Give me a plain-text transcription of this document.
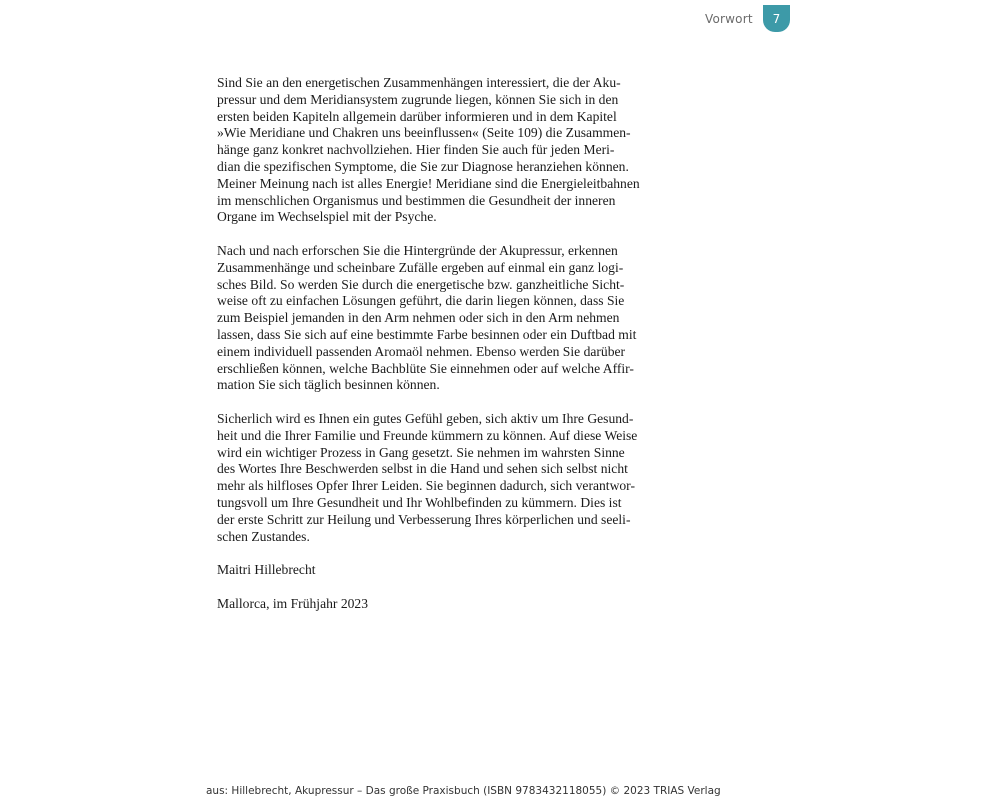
Vorwort	7

Sind Sie an den energetischen Zusammenhängen interessiert, die der Aku-
pressur und dem Meridiansystem zugrunde liegen, können Sie sich in den
ersten beiden Kapiteln allgemein darüber informieren und in dem Kapitel
»Wie Meridiane und Chakren uns beeinflussen« (Seite 109) die Zusammen-
hänge ganz konkret nachvollziehen. Hier finden Sie auch für jeden Meri-
dian die spezifischen Symptome, die Sie zur Diagnose heranziehen können.
Meiner Meinung nach ist alles Energie! Meridiane sind die Energieleitbahnen
im menschlichen Organismus und bestimmen die Gesundheit der inneren
Organe im Wechselspiel mit der Psyche.

Nach und nach erforschen Sie die Hintergründe der Akupressur, erkennen
Zusammenhänge und scheinbare Zufälle ergeben auf einmal ein ganz logi-
sches Bild. So werden Sie durch die energetische bzw. ganzheitliche Sicht-
weise oft zu einfachen Lösungen geführt, die darin liegen können, dass Sie
zum Beispiel jemanden in den Arm nehmen oder sich in den Arm nehmen
lassen, dass Sie sich auf eine bestimmte Farbe besinnen oder ein Duftbad mit
einem individuell passenden Aromaöl nehmen. Ebenso werden Sie darüber
erschließen können, welche Bachblüte Sie einnehmen oder auf welche Affir-
mation Sie sich täglich besinnen können.

Sicherlich wird es Ihnen ein gutes Gefühl geben, sich aktiv um Ihre Gesund-
heit und die Ihrer Familie und Freunde kümmern zu können. Auf diese Weise
wird ein wichtiger Prozess in Gang gesetzt. Sie nehmen im wahrsten Sinne
des Wortes Ihre Beschwerden selbst in die Hand und sehen sich selbst nicht
mehr als hilfloses Opfer Ihrer Leiden. Sie beginnen dadurch, sich verantwor-
tungsvoll um Ihre Gesundheit und Ihr Wohlbefinden zu kümmern. Dies ist
der erste Schritt zur Heilung und Verbesserung Ihres körperlichen und seeli-
schen Zustandes.

Maitri Hillebrecht

Mallorca, im Frühjahr 2023

aus: Hillebrecht, Akupressur – Das große Praxisbuch (ISBN 9783432118055) © 2023 TRIAS Verlag
